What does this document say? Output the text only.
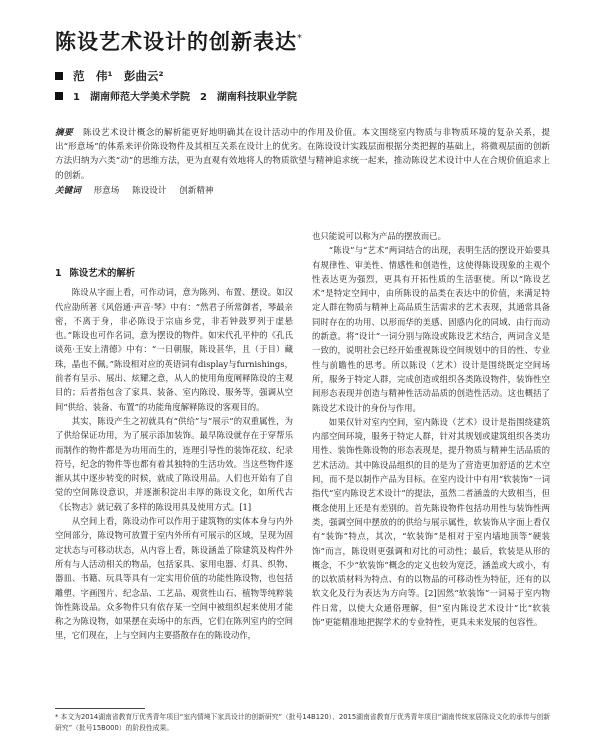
陈设艺术设计的创新表达*
范　伟¹　彭曲云²
1　湖南师范大学美术学院　2　湖南科技职业学院
摘要 陈设艺术设计概念的解析能更好地明确其在设计活动中的作用及价值。本文围绕室内物质与非物质环境的复杂关系，提出“形意场”的体系来评价陈设物件及其相互关系在设计上的优劣。在陈设设计实践层面根据分类把握的基础上，将微观层面的创新方法归纳为六类“动”的思维方法，更为直观有效地将人的物质欲望与精神追求统一起来，推动陈设艺术设计中人在合规价值追求上的创新。
关键词 形意场 陈设设计 创新精神
1 陈设艺术的解析

陈设从字面上看，可作动词，意为陈列、布置、摆设。如汉代应劭所著《风俗通·声音·琴》中有：“然君子所常御者，琴最亲密，不离于身，非必陈设于宗庙乡党，非若钟鼓罗列于虚悬也。”陈设也可作名词，意为摆设的物件。如宋代孔平仲的《孔氏谈苑·王安上清德》中有：“一日朝服，陈设甚华，且（于目）藏珠，晶也不佩。”陈设相对应的英语词有display与furnishings，前者有呈示、展出、炫耀之意，从人的使用角度阐释陈设的主观目的；后者指包含了家具、装备、室内陈设、服务等，强调从空间“供给、装备、布置”的功能角度解释陈设的客观目的。

其实，陈设产生之初就具有“供给”与“展示”的双重属性，为了供给保证功用，为了展示添加装饰。最早陈设就存在于穿帮乐而制作的物件都是为功用而生的，连理引导性的装饰花纹、纪录符号，纪念的物件等也都有着其独特的生活功效。当这些物件逐渐从其中逐步转变的时候，就成了陈设用品。人们也开始有了自觉的空间陈设意识，并逐渐积淀出丰厚的陈设文化，如所代古《长物志》就记载了多样的陈设用具及使用方式。[1]

从空间上看，陈设动作可以作用于建筑物的实体本身与内外空间部分，陈设物可放置于室内外所有可展示的区域，呈现为固定状态与可移动状态，从内容上看，陈设涵盖了除建筑及构件外所有与人活动相关的物品，包括家具、家用电器、灯具、织物、器皿、书籍、玩具等具有一定实用价值的功能性陈设物，也包括雕塑、字画图片、纪念品、工艺品、观赏性山石、植物等纯粹装饰性陈设品。众多物件只有依存某一空间中被组织起来使用才能称之为陈设物，如果摆在卖场中的东西，它们在陈列室内的空间里，它们现在，上与空间内主要搭散存在的陈设动作，

也只能说可以称为产品的摆放而已。

“陈设”与“艺术”两词结合的出现，表明生活的摆设开始要具有规律性、审美性、情感性和创造性，这使得陈设现象的主观个性表达更为强烈，更具有开拓性质的生活驱使。所以“陈设艺术”是特定空间中，由所陈设的品类在表达中的价值，来满足特定人群在物质与精神上高品质生活需求的艺术表现，其通常具备同时存在的功用、以形而华的美感、固感内化的同域、由行而动的新意。将“设计”一词分别与陈设或陈设艺术结合，两词含义是一致的，说明社会已经开始重视陈设空间规划中的目的性、专业性与前瞻性的思考。所以陈设（艺术）设计是围绕既定空间场所，服务于特定人群，完成创造或组织各类陈设物件，装饰性空间形态表现并创造与精神性活动品质的创造性活动。这也概括了陈设艺术设计的身份与作用。

如果仅针对室内空间，室内陈设（艺术）设计是指围绕建筑内部空间环境，服务于特定人群，针对其规划或建筑组织各类功用性、装饰性陈设物的形态表现是，提升物质与精神生活品质的艺术活动。其中陈设品组织的目的是为了营造更加舒适的艺术空间，而不是以制作产品为目标。在室内设计中有用“软装饰”一词指代“室内陈设艺术设计”的提法，虽然二者涵盖的大致相当，但概念使用上还是有差别的。首先陈设物件包括功用性与装饰性两类，强调空间中摆放的的供给与展示属性，软装饰从字面上看仅有“装饰”特点，其次，“软装饰”是相对于室内墙地顶等“硬装饰”而言，陈设则更强调和对比的可动性；最后，软装是从形的概念，不少“软装饰”概念的定义也较为宽泛，涵盖或大或小，有的以软质材料为特点、有的以物品的可移动性为特征，还有的以软文化及行为表达为方向等。[2]因然“软装饰”一词易于室内物件日常，以使大众通俗理解，但“室内陈设艺术设计”比“软装饰”更能精准地把握学术的专业特性，更具未来发展的包容性。

* 本文为2014湖南省教育厅优秀青年项目“室内情境下家具设计的创新研究”（批号14B120）、2015湖南省教育厅优秀青年项目“湖南传统家居陈设文化的承传与创新研究”（批号15B000）的阶段性成果。
